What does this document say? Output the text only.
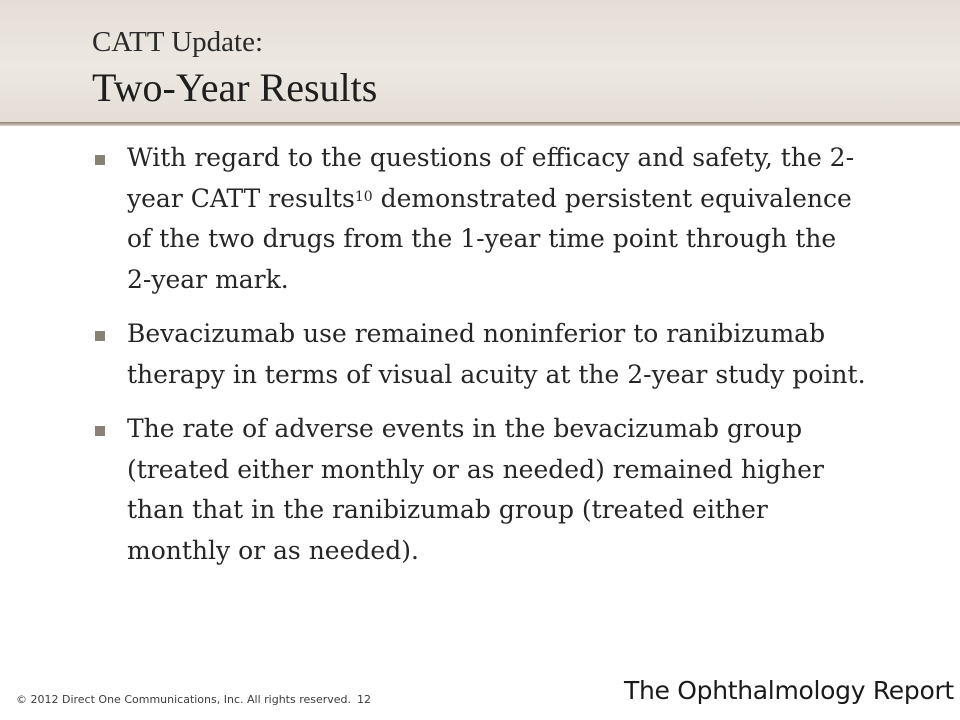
CATT Update:
Two-Year Results
With regard to the questions of efficacy and safety, the 2-year CATT results$^{10}$ demonstrated persistent equivalence of the two drugs from the 1-year time point through the 2-year mark.
Bevacizumab use remained noninferior to ranibizumab therapy in terms of visual acuity at the 2-year study point.
The rate of adverse events in the bevacizumab group (treated either monthly or as needed) remained higher than that in the ranibizumab group (treated either monthly or as needed).
© 2012 Direct One Communications, Inc. All rights reserved. 12	The Ophthalmology Report
